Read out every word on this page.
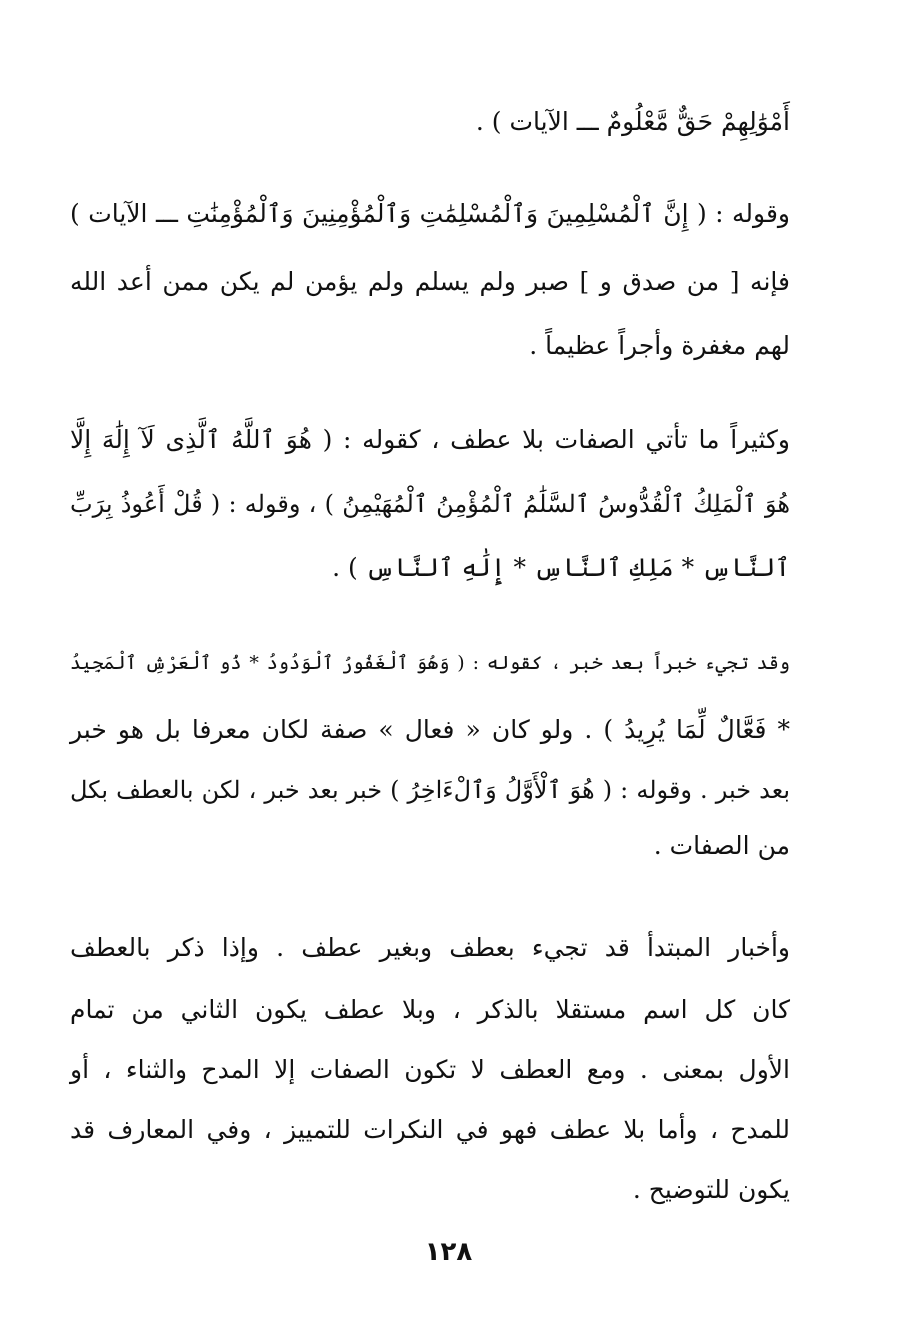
أَمْوَٰلِهِمْ حَقٌّ مَّعْلُومٌ ـــ الآيات ) .
وقوله : ( إِنَّ ٱلْمُسْلِمِينَ وَٱلْمُسْلِمَٰتِ وَٱلْمُؤْمِنِينَ وَٱلْمُؤْمِنَٰتِ ـــ الآيات )
فإنه [ من صدق و ] صبر ولم يسلم ولم يؤمن لم يكن ممن أعد الله
لهم مغفرة وأجراً عظيماً .
وكثيراً ما تأتي الصفات بلا عطف ، كقوله : ( هُوَ ٱللَّهُ ٱلَّذِى لَآ إِلَٰهَ إِلَّا
هُوَ ٱلْمَلِكُ ٱلْقُدُّوسُ ٱلسَّلَٰمُ ٱلْمُؤْمِنُ ٱلْمُهَيْمِنُ ) ، وقوله : ( قُلْ أَعُوذُ بِرَبِّ
ٱلنَّاسِ * مَلِكِ ٱلنَّاسِ * إِلَٰهِ ٱلنَّاسِ ) .
وقد تجيء خبراً بعد خبر ، كقوله : ( وَهُوَ ٱلْغَفُورُ ٱلْوَدُودُ * ذُو ٱلْعَرْشِ ٱلْمَجِيدُ
* فَعَّالٌ لِّمَا يُرِيدُ ) . ولو كان « فعال » صفة لكان معرفا بل هو خبر
بعد خبر . وقوله : ( هُوَ ٱلْأَوَّلُ وَٱلْءَاخِرُ ) خبر بعد خبر ، لكن بالعطف بكل
من الصفات .
وأخبار المبتدأ قد تجيء بعطف وبغير عطف . وإذا ذكر بالعطف
كان كل اسم مستقلا بالذكر ، وبلا عطف يكون الثاني من تمام
الأول بمعنى . ومع العطف لا تكون الصفات إلا المدح والثناء ، أو
للمدح ، وأما بلا عطف فهو في النكرات للتمييز ، وفي المعارف قد
يكون للتوضيح .
١٢٨
